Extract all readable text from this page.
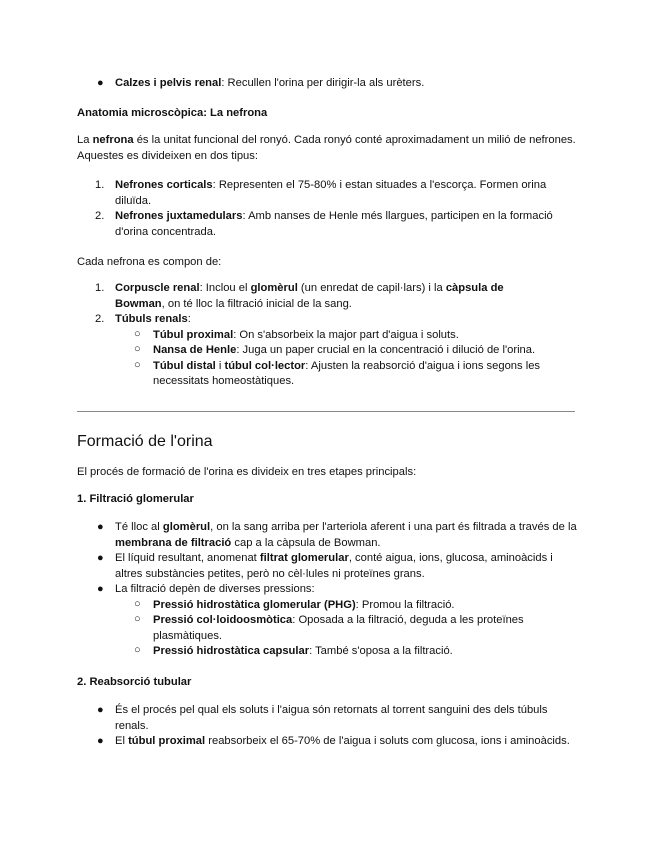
● Calzes i pelvis renal: Recullen l'orina per dirigir-la als urèters.
Anatomia microscòpica: La nefrona

La nefrona és la unitat funcional del ronyó. Cada ronyó conté aproximadament un milió de nefrones. Aquestes es divideixen en dos tipus:

1. Nefrones corticals: Representen el 75-80% i estan situades a l'escorça. Formen orina diluïda.
2. Nefrones juxtamedulars: Amb nanses de Henle més llargues, participen en la formació d'orina concentrada.
Cada nefrona es compon de:
1. Corpuscle renal: Inclou el glomèrul (un enredat de capil·lars) i la càpsula de Bowman, on té lloc la filtració inicial de la sang.
2. Túbuls renals:
○ Túbul proximal: On s'absorbeix la major part d'aigua i soluts.
○ Nansa de Henle: Juga un paper crucial en la concentració i dilució de l'orina.
○ Túbul distal i túbul col·lector: Ajusten la reabsorció d'aigua i ions segons les necessitats homeostàtiques.
Formació de l'orina
El procés de formació de l'orina es divideix en tres etapes principals:
1. Filtració glomerular
● Té lloc al glomèrul, on la sang arriba per l'arteriola aferent i una part és filtrada a través de la membrana de filtració cap a la càpsula de Bowman.
● El líquid resultant, anomenat filtrat glomerular, conté aigua, ions, glucosa, aminoàcids i altres substàncies petites, però no cèl·lules ni proteïnes grans.
● La filtració depèn de diverses pressions:
○ Pressió hidrostàtica glomerular (PHG): Promou la filtració.
○ Pressió col·loidoosmòtica: Oposada a la filtració, deguda a les proteïnes plasmàtiques.
○ Pressió hidrostàtica capsular: També s'oposa a la filtració.
2. Reabsorció tubular
● És el procés pel qual els soluts i l'aigua són retornats al torrent sanguini des dels túbuls renals.
● El túbul proximal reabsorbeix el 65-70% de l'aigua i soluts com glucosa, ions i aminoàcids.
